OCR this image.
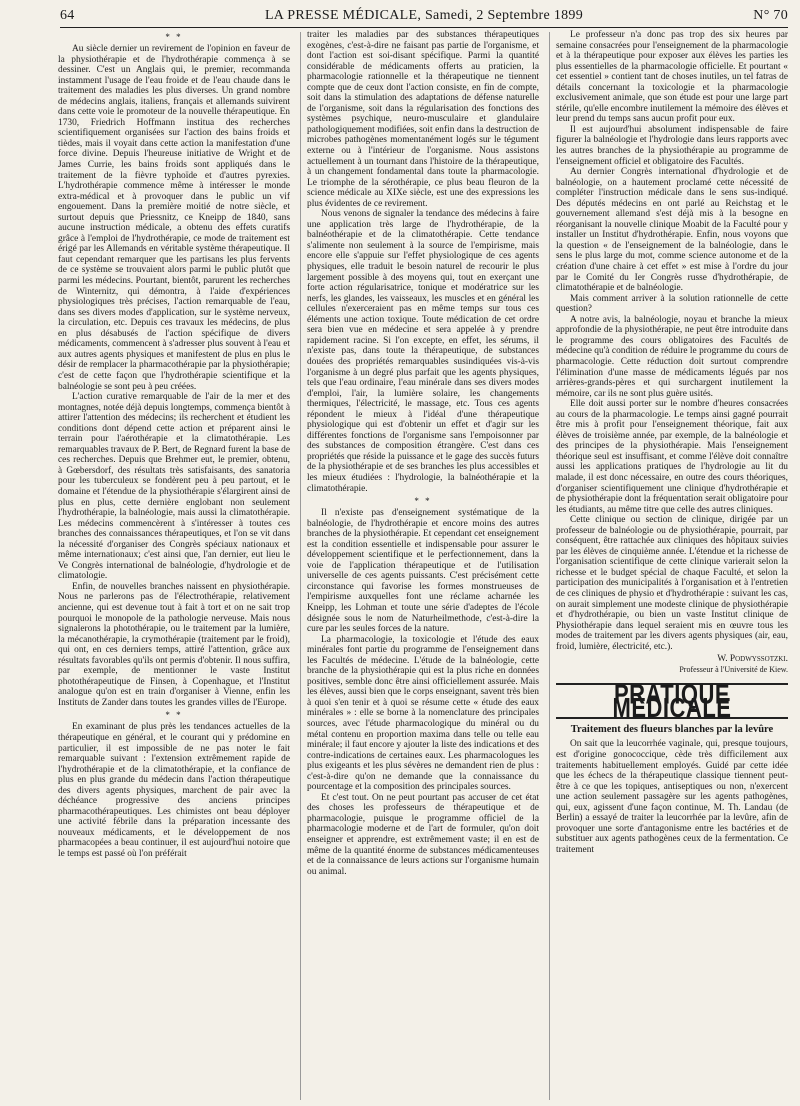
64	LA PRESSE MÉDICALE, Samedi, 2 Septembre 1899	N° 70
* *

Au siècle dernier un revirement de l'opinion en faveur de la physiothérapie et de l'hydrothérapie commença à se dessiner. C'est un Anglais qui, le premier, recommanda instamment l'usage de l'eau froide et de l'eau chaude dans le traitement des maladies les plus diverses. Un grand nombre de médecins anglais, italiens, français et allemands suivirent dans cette voie le promoteur de la nouvelle thérapeutique. En 1730, Friedrich Hoffmann institua des recherches scientifiquement organisées sur l'action des bains froids et tièdes, mais il voyait dans cette action la manifestation d'une force divine. Depuis l'heureuse initiative de Wright et de James Currie, les bains froids sont appliqués dans le traitement de la fièvre typhoïde et d'autres pyrexies. L'hydrothérapie commence même à intéresser le monde extra-médical et à provoquer dans le public un vif engouement. Dans la première moitié de notre siècle, et surtout depuis que Priessnitz, ce Kneipp de 1840, sans aucune instruction médicale, a obtenu des effets curatifs grâce à l'emploi de l'hydrothérapie, ce mode de traitement est érigé par les Allemands en véritable système thérapeutique. Il faut cependant remarquer que les partisans les plus fervents de ce système se trouvaient alors parmi le public plutôt que parmi les médecins. Pourtant, bientôt, parurent les recherches de Winternitz, qui démontra, à l'aide d'expériences physiologiques très précises, l'action remarquable de l'eau, dans ses divers modes d'application, sur le système nerveux, la circulation, etc. Depuis ces travaux les médecins, de plus en plus désabusés de l'action spécifique de divers médicaments, commencent à s'adresser plus souvent à l'eau et aux autres agents physiques et manifestent de plus en plus le désir de remplacer la pharmacothérapie par la physiothérapie; c'est de cette façon que l'hydrothérapie scientifique et la balnéologie se sont peu à peu créées.

L'action curative remarquable de l'air de la mer et des montagnes, notée déjà depuis longtemps, commença bientôt à attirer l'attention des médecins; ils recherchent et étudient les conditions dont dépend cette action et préparent ainsi le terrain pour l'aérothérapie et la climatothérapie. Les remarquables travaux de P. Bert, de Regnard furent la base de ces recherches. Depuis que Brehmer eut, le premier, obtenu, à Gœbersdorf, des résultats très satisfaisants, des sanatoria pour les tuberculeux se fondèrent peu à peu partout, et le domaine et l'étendue de la physiothérapie s'élargirent ainsi de plus en plus, cette dernière englobant non seulement l'hydrothérapie, la balnéologie, mais aussi la climatothérapie. Les médecins commencèrent à s'intéresser à toutes ces branches des connaissances thérapeutiques, et l'on se vit dans la nécessité d'organiser des Congrès spéciaux nationaux et même internationaux; c'est ainsi que, l'an dernier, eut lieu le Ve Congrès international de balnéologie, d'hydrologie et de climatologie.

Enfin, de nouvelles branches naissent en physiothérapie. Nous ne parlerons pas de l'électrothérapie, relativement ancienne, qui est devenue tout à fait à tort et on ne sait trop pourquoi le monopole de la pathologie nerveuse. Mais nous signalerons la photothérapie, ou le traitement par la lumière, la mécanothérapie, la crymothérapie (traitement par le froid), qui ont, en ces derniers temps, attiré l'attention, grâce aux résultats favorables qu'ils ont permis d'obtenir. Il nous suffira, par exemple, de mentionner le vaste Institut photothérapeutique de Finsen, à Copenhague, et l'Institut analogue qu'on est en train d'organiser à Vienne, enfin les Instituts de Zander dans toutes les grandes villes de l'Europe.

* *

En examinant de plus près les tendances actuelles de la thérapeutique en général, et le courant qui y prédomine en particulier, il est impossible de ne pas noter le fait remarquable suivant : l'extension extrêmement rapide de l'hydrothérapie et de la climatothérapie, et la confiance de plus en plus grande du médecin dans l'action thérapeutique des divers agents physiques, marchent de pair avec la déchéance progressive des anciens principes pharmacothérapeutiques. Les chimistes ont beau déployer une activité fébrile dans la préparation incessante des nouveaux médicaments, et le développement de nos pharmacopées a beau continuer, il est aujourd'hui notoire que le temps est passé où l'on préférait

traiter les maladies par des substances thérapeutiques exogènes, c'est-à-dire ne faisant pas partie de l'organisme, et dont l'action est soi-disant spécifique. Parmi la quantité considérable de médicaments offerts au praticien, la pharmacologie rationnelle et la thérapeutique ne tiennent compte que de ceux dont l'action consiste, en fin de compte, soit dans la stimulation des adaptations de défense naturelle de l'organisme, soit dans la régularisation des fonctions des systèmes psychique, neuro-musculaire et glandulaire pathologiquement modifiées, soit enfin dans la destruction de microbes pathogènes momentanément logés sur le tégument externe ou à l'intérieur de l'organisme. Nous assistons actuellement à un tournant dans l'histoire de la thérapeutique, à un changement fondamental dans toute la pharmacologie. Le triomphe de la sérothérapie, ce plus beau fleuron de la science médicale au XIXe siècle, est une des expressions les plus évidentes de ce revirement.

Nous venons de signaler la tendance des médecins à faire une application très large de l'hydrothérapie, de la balnéothérapie et de la climatothérapie. Cette tendance s'alimente non seulement à la source de l'empirisme, mais encore elle s'appuie sur l'effet physiologique de ces agents physiques, elle traduit le besoin naturel de recourir le plus largement possible à des moyens qui, tout en exerçant une forte action régularisatrice, tonique et modératrice sur les nerfs, les glandes, les vaisseaux, les muscles et en général les cellules n'exerceraient pas en même temps sur tous ces éléments une action toxique. Toute médication de cet ordre sera bien vue en médecine et sera appelée à y prendre rapidement racine. Si l'on excepte, en effet, les sérums, il n'existe pas, dans toute la thérapeutique, de substances douées des propriétés remarquables susindiquées vis-à-vis l'organisme à un degré plus parfait que les agents physiques, tels que l'eau ordinaire, l'eau minérale dans ses divers modes d'emploi, l'air, la lumière solaire, les changements thermiques, l'électricité, le massage, etc. Tous ces agents répondent le mieux à l'idéal d'une thérapeutique physiologique qui est d'obtenir un effet et d'agir sur les différentes fonctions de l'organisme sans l'empoisonner par des substances de composition étrangère. C'est dans ces propriétés que réside la puissance et le gage des succès futurs de la physiothérapie et de ses branches les plus accessibles et les mieux étudiées : l'hydrologie, la balnéothérapie et la climatothérapie.

* *

Il n'existe pas d'enseignement systématique de la balnéologie, de l'hydrothérapie et encore moins des autres branches de la physiothérapie. Et cependant cet enseignement est la condition essentielle et indispensable pour assurer le développement scientifique et le perfectionnement, dans la voie de l'application thérapeutique et de l'utilisation universelle de ces agents puissants. C'est précisément cette circonstance qui favorise les formes monstrueuses de l'empirisme auxquelles font une réclame acharnée les Kneipp, les Lohman et toute une série d'adeptes de l'école désignée sous le nom de Naturheilmethode, c'est-à-dire la cure par les seules forces de la nature.

La pharmacologie, la toxicologie et l'étude des eaux minérales font partie du programme de l'enseignement dans les Facultés de médecine. L'étude de la balnéologie, cette branche de la physiothérapie qui est la plus riche en données positives, semble donc être ainsi officiellement assurée. Mais les élèves, aussi bien que le corps enseignant, savent très bien à quoi s'en tenir et à quoi se résume cette « étude des eaux minérales » : elle se borne à la nomenclature des principales sources, avec l'étude pharmacologique du minéral ou du métal contenu en proportion maxima dans telle ou telle eau minérale; il faut encore y ajouter la liste des indications et des contre-indications de certaines eaux. Les pharmacologues les plus exigeants et les plus sévères ne demandent rien de plus : c'est-à-dire qu'on ne demande que la connaissance du pourcentage et la composition des principales sources.

Et c'est tout. On ne peut pourtant pas accuser de cet état des choses les professeurs de thérapeutique et de pharmacologie, puisque le programme officiel de la pharmacologie moderne et de l'art de formuler, qu'on doit enseigner et apprendre, est extrêmement vaste; il en est de même de la quantité énorme de substances médicamenteuses et de la connaissance de leurs actions sur l'organisme humain ou animal.

Le professeur n'a donc pas trop des six heures par semaine consacrées pour l'enseignement de la pharmacologie et à la thérapeutique pour exposer aux élèves les parties les plus essentielles de la pharmacologie officielle. Et pourtant « cet essentiel » contient tant de choses inutiles, un tel fatras de détails concernant la toxicologie et la pharmacologie exclusivement animale, que son étude est pour une large part stérile, qu'elle encombre inutilement la mémoire des élèves et leur prend du temps sans aucun profit pour eux.

Il est aujourd'hui absolument indispensable de faire figurer la balnéologie et l'hydrologie dans leurs rapports avec les autres branches de la physiothérapie au programme de l'enseignement officiel et obligatoire des Facultés.

Au dernier Congrès international d'hydrologie et de balnéologie, on a hautement proclamé cette nécessité de compléter l'instruction médicale dans le sens sus-indiqué. Des députés médecins en ont parlé au Reichstag et le gouvernement allemand s'est déjà mis à la besogne en réorganisant la nouvelle clinique Moabit de la Faculté pour y installer un Institut d'hydrothérapie. Enfin, nous voyons que la question « de l'enseignement de la balnéologie, dans le sens le plus large du mot, comme science autonome et de la création d'une chaire à cet effet » est mise à l'ordre du jour par le Comité du Ier Congrès russe d'hydrothérapie, de climatothérapie et de balnéologie.

Mais comment arriver à la solution rationnelle de cette question?

A notre avis, la balnéologie, noyau et branche la mieux approfondie de la physiothérapie, ne peut être introduite dans le programme des cours obligatoires des Facultés de médecine qu'à condition de réduire le programme du cours de pharmacologie. Cette réduction doit surtout comprendre l'élimination d'une masse de médicaments légués par nos arrières-grands-pères et qui surchargent inutilement la mémoire, car ils ne sont plus guère usités.

Elle doit aussi porter sur le nombre d'heures consacrées au cours de la pharmacologie. Le temps ainsi gagné pourrait être mis à profit pour l'enseignement théorique, fait aux élèves de troisième année, par exemple, de la balnéologie et des principes de la physiothérapie. Mais l'enseignement théorique seul est insuffisant, et comme l'élève doit connaître aussi les applications pratiques de l'hydrologie au lit du malade, il est donc nécessaire, en outre des cours théoriques, d'organiser scientifiquement une clinique d'hydrothérapie et de physiothérapie dont la fréquentation serait obligatoire pour les étudiants, au même titre que celle des autres cliniques.

Cette clinique ou section de clinique, dirigée par un professeur de balnéologie ou de physiothérapie, pourrait, par conséquent, être rattachée aux cliniques des hôpitaux suivies par les élèves de cinquième année. L'étendue et la richesse de l'organisation scientifique de cette clinique varierait selon la richesse et le budget spécial de chaque Faculté, et selon la participation des municipalités à l'organisation et à l'entretien de ces cliniques de physio et d'hydrothérapie : suivant les cas, on aurait simplement une modeste clinique de physiothérapie et d'hydrothérapie, ou bien un vaste Institut clinique de Physiothérapie dans lequel seraient mis en œuvre tous les modes de traitement par les divers agents physiques (air, eau, froid, lumière, électricité, etc.).

W. Podwyssotzki.
Professeur à l'Université de Kiew.
PRATIQUE MÉDICALE
Traitement des flueurs blanches par la levûre

On sait que la leucorrhée vaginale, qui, presque toujours, est d'origine gonococcique, cède très difficilement aux traitements habituellement employés. Guidé par cette idée que les échecs de la thérapeutique classique tiennent peut-être à ce que les topiques, antiseptiques ou non, n'exercent une action seulement passagère sur les agents pathogènes, qui, eux, agissent d'une façon continue, M. Th. Landau (de Berlin) a essayé de traiter la leucorrhée par la levûre, afin de provoquer une sorte d'antagonisme entre les bactéries et de substituer aux agents pathogènes ceux de la fermentation. Ce traitement
